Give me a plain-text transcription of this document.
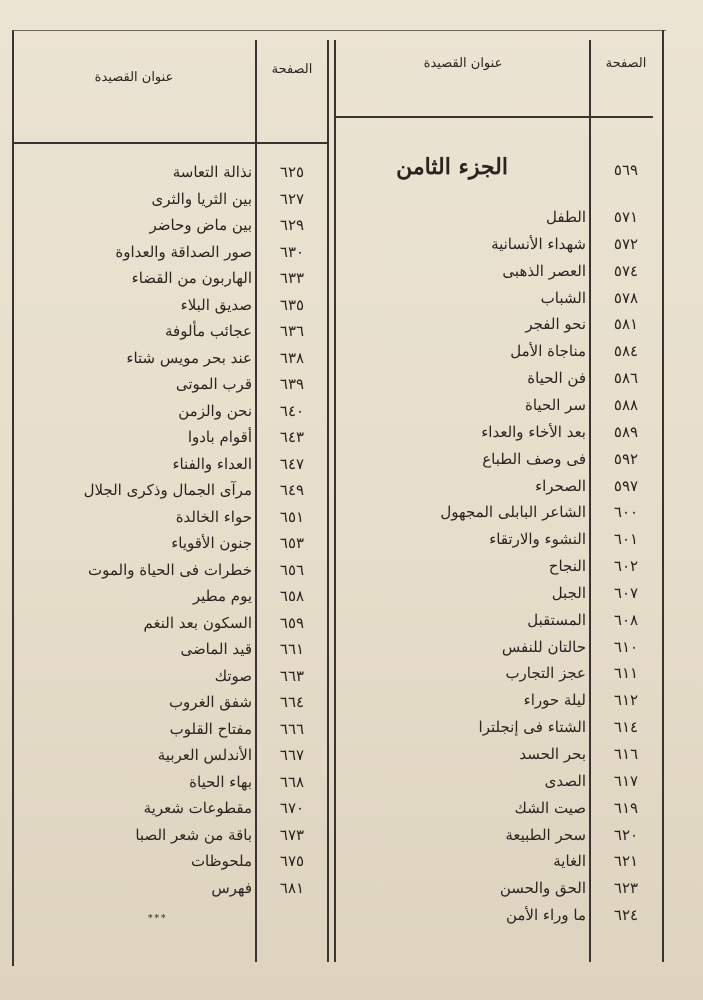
الصفحة
عنوان القصيدة
الصفحة
عنوان القصيدة
٥٦٩
الجزء الثامن
٥٧١
الطفل
٥٧٢
شهداء الأنسانية
٥٧٤
العصر الذهبى
٥٧٨
الشباب
٥٨١
نحو الفجر
٥٨٤
مناجاة الأمل
٥٨٦
فن الحياة
٥٨٨
سر الحياة
٥٨٩
بعد الأخاء والعداء
٥٩٢
فى وصف الطباع
٥٩٧
الصحراء
٦٠٠
الشاعر البابلى المجهول
٦٠١
النشوء والارتقاء
٦٠٢
النجاح
٦٠٧
الجبل
٦٠٨
المستقبل
٦١٠
حالتان للنفس
٦١١
عجز التجارب
٦١٢
ليلة حوراء
٦١٤
الشتاء فى إنجلترا
٦١٦
بحر الحسد
٦١٧
الصدى
٦١٩
صيت الشك
٦٢٠
سحر الطبيعة
٦٢١
الغاية
٦٢٣
الحق والحسن
٦٢٤
ما وراء الأمن
٦٢٥
نذالة التعاسة
٦٢٧
بين الثريا والثرى
٦٢٩
بين ماض وحاضر
٦٣٠
صور الصداقة والعداوة
٦٣٣
الهاربون من القضاء
٦٣٥
صديق البلاء
٦٣٦
عجائب مألوفة
٦٣٨
عند بحر مويس شتاء
٦٣٩
قرب الموتى
٦٤٠
نحن والزمن
٦٤٣
أقوام بادوا
٦٤٧
العداء والفناء
٦٤٩
مرآى الجمال وذكرى الجلال
٦٥١
حواء الخالدة
٦٥٣
جنون الأقوياء
٦٥٦
خطرات فى الحياة والموت
٦٥٨
يوم مطير
٦٥٩
السكون بعد النغم
٦٦١
قيد الماضى
٦٦٣
صوتك
٦٦٤
شفق الغروب
٦٦٦
مفتاح القلوب
٦٦٧
الأندلس العربية
٦٦٨
بهاء الحياة
٦٧٠
مقطوعات شعرية
٦٧٣
باقة من شعر الصبا
٦٧٥
ملحوظات
٦٨١
فهرس
***
